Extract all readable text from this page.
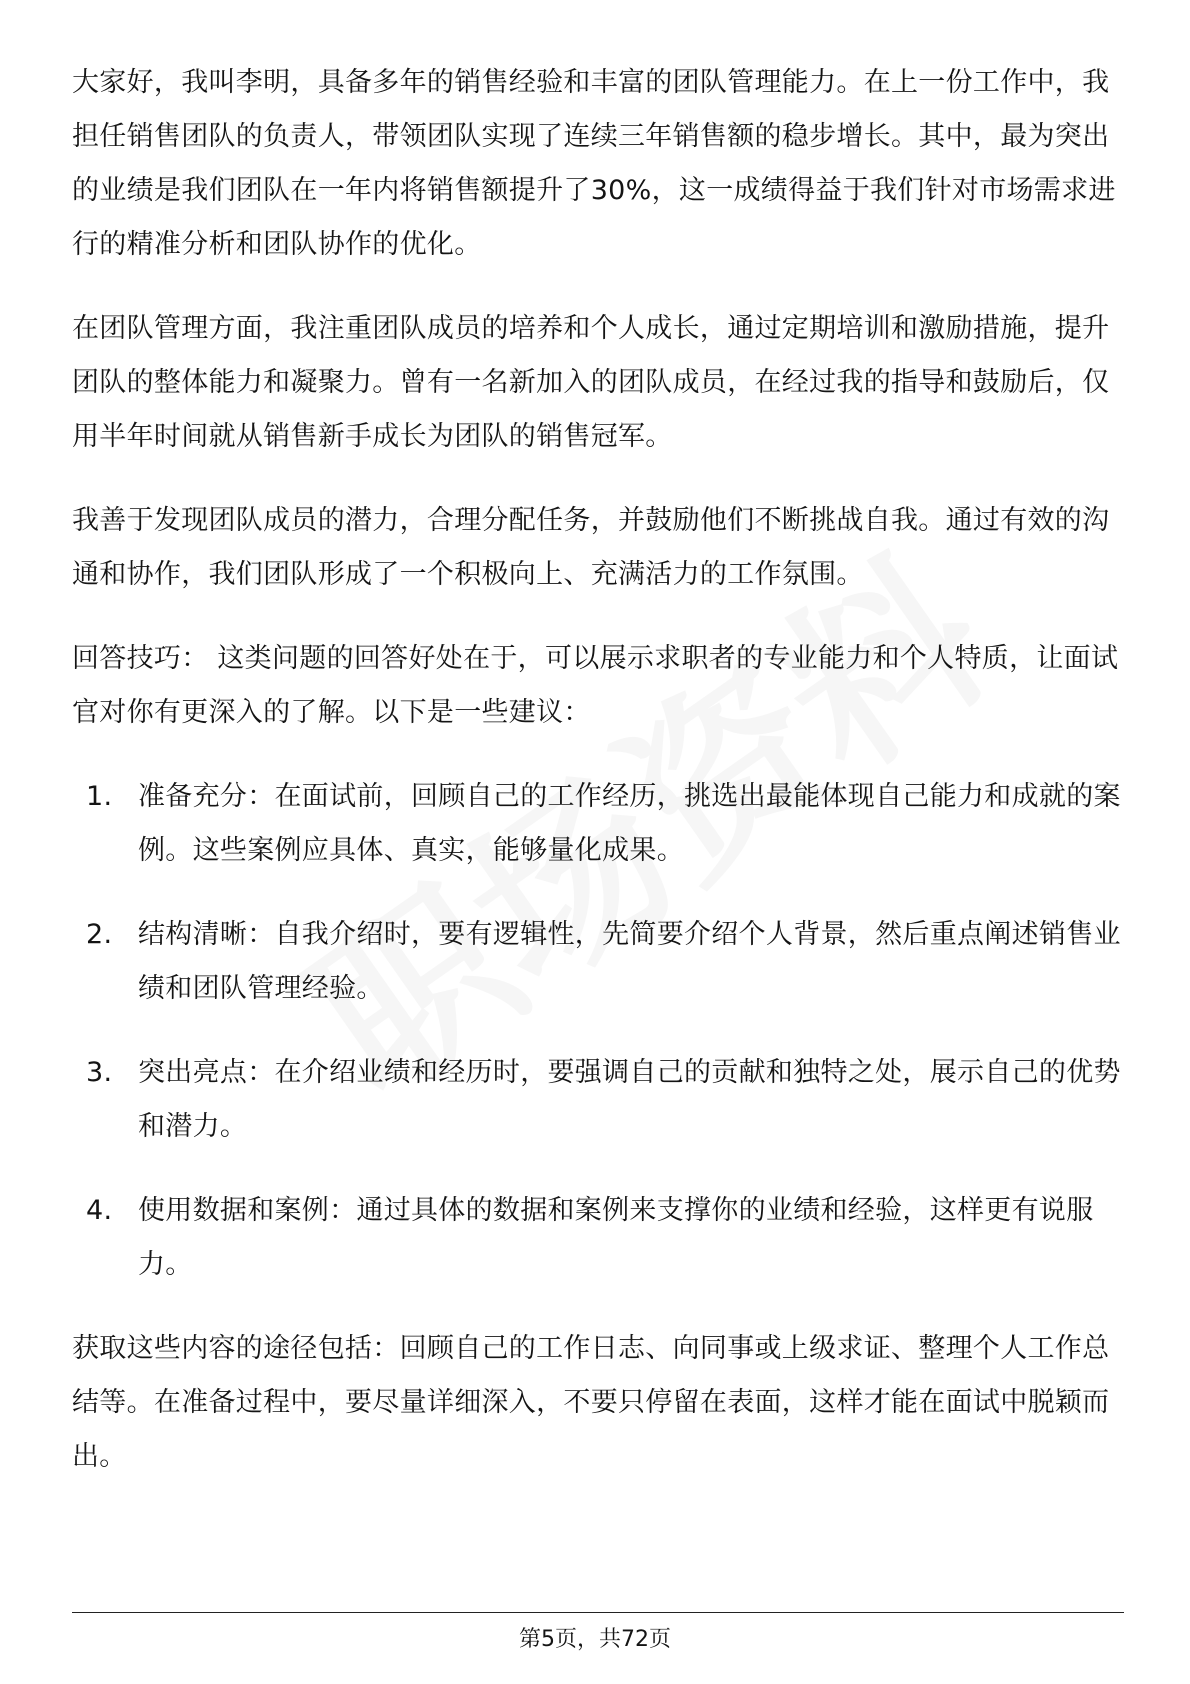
大家好，我叫李明，具备多年的销售经验和丰富的团队管理能力。在上一份工作中，我担任销售团队的负责人，带领团队实现了连续三年销售额的稳步增长。其中，最为突出的业绩是我们团队在一年内将销售额提升了30%，这一成绩得益于我们针对市场需求进行的精准分析和团队协作的优化。

在团队管理方面，我注重团队成员的培养和个人成长，通过定期培训和激励措施，提升团队的整体能力和凝聚力。曾有一名新加入的团队成员，在经过我的指导和鼓励后，仅用半年时间就从销售新手成长为团队的销售冠军。

我善于发现团队成员的潜力，合理分配任务，并鼓励他们不断挑战自我。通过有效的沟通和协作，我们团队形成了一个积极向上、充满活力的工作氛围。

回答技巧： 这类问题的回答好处在于，可以展示求职者的专业能力和个人特质，让面试官对你有更深入的了解。以下是一些建议：

1. 准备充分：在面试前，回顾自己的工作经历，挑选出最能体现自己能力和成就的案例。这些案例应具体、真实，能够量化成果。
2. 结构清晰：自我介绍时，要有逻辑性，先简要介绍个人背景，然后重点阐述销售业绩和团队管理经验。
3. 突出亮点：在介绍业绩和经历时，要强调自己的贡献和独特之处，展示自己的优势和潜力。
4. 使用数据和案例：通过具体的数据和案例来支撑你的业绩和经验，这样更有说服力。

获取这些内容的途径包括：回顾自己的工作日志、向同事或上级求证、整理个人工作总结等。在准备过程中，要尽量详细深入，不要只停留在表面，这样才能在面试中脱颖而出。

第5页，共72页
